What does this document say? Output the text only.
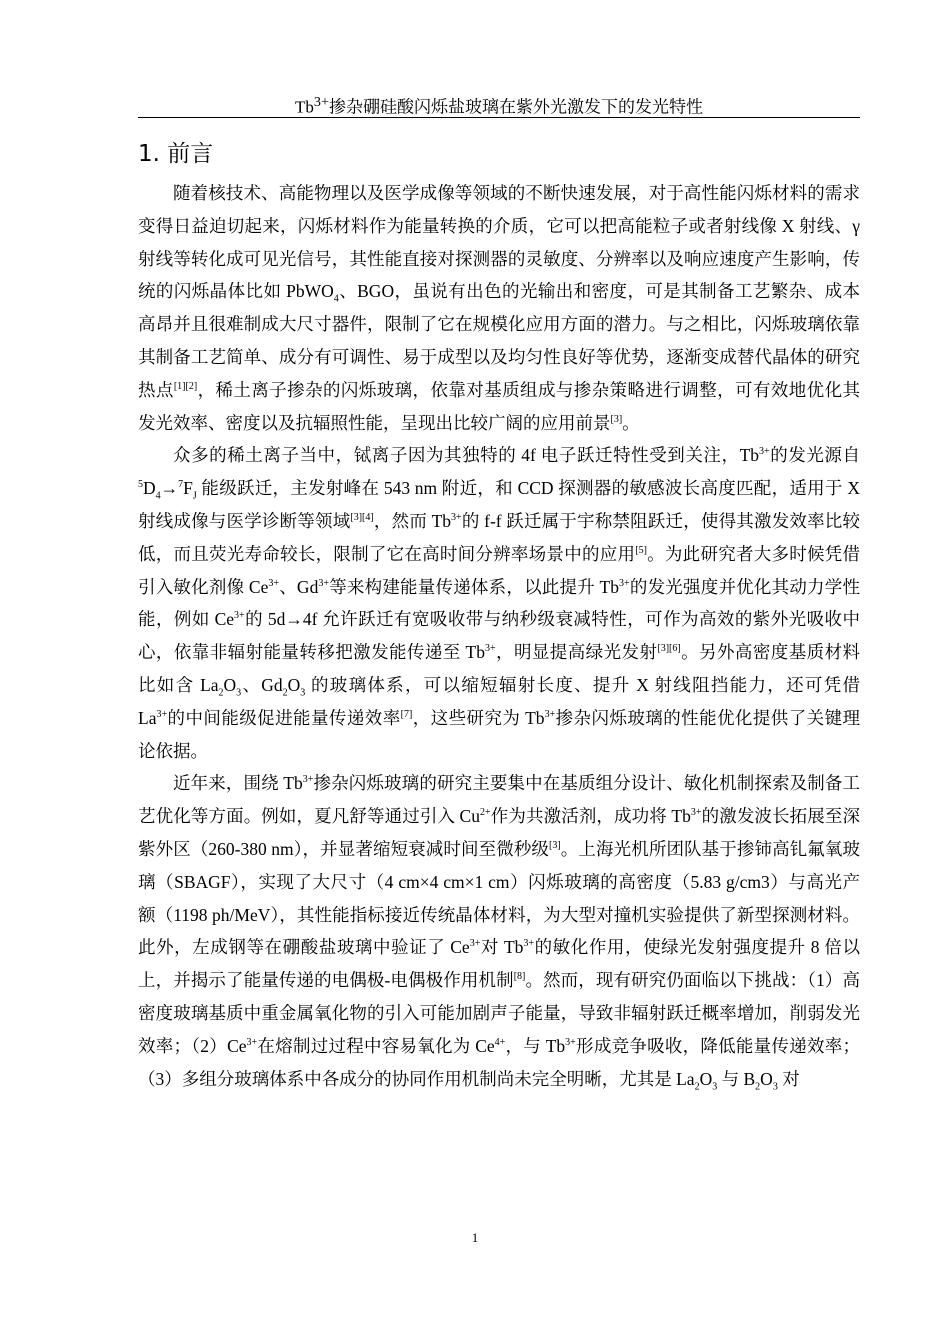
$Tb^{3+}$掺杂硼硅酸闪烁盐玻璃在紫外光激发下的发光特性
1. 前言

随着核技术、高能物理以及医学成像等领域的不断快速发展，对于高性能闪烁材料的需求变得日益迫切起来，闪烁材料作为能量转换的介质，它可以把高能粒子或者射线像 X 射线、γ 射线等转化成可见光信号，其性能直接对探测器的灵敏度、分辨率以及响应速度产生影响，传统的闪烁晶体比如 PbWO$_4$、BGO，虽说有出色的光输出和密度，可是其制备工艺繁杂、成本高昂并且很难制成大尺寸器件，限制了它在规模化应用方面的潜力。与之相比，闪烁玻璃依靠其制备工艺简单、成分有可调性、易于成型以及均匀性良好等优势，逐渐变成替代晶体的研究热点[1][2]，稀土离子掺杂的闪烁玻璃，依靠对基质组成与掺杂策略进行调整，可有效地优化其发光效率、密度以及抗辐照性能，呈现出比较广阔的应用前景[3]。

众多的稀土离子当中，铽离子因为其独特的 4f 电子跃迁特性受到关注，$Tb^{3+}$的发光源自 $^5D_4\to^7F_J$ 能级跃迁，主发射峰在 543 nm 附近，和 CCD 探测器的敏感波长高度匹配，适用于 X 射线成像与医学诊断等领域[3][4]，然而 $Tb^{3+}$的 f-f 跃迁属于宇称禁阻跃迁，使得其激发效率比较低，而且荧光寿命较长，限制了它在高时间分辨率场景中的应用[5]。为此研究者大多时候凭借引入敏化剂像 $Ce^{3+}$、$Gd^{3+}$等来构建能量传递体系，以此提升 $Tb^{3+}$的发光强度并优化其动力学性能，例如 $Ce^{3+}$的 5d→4f 允许跃迁有宽吸收带与纳秒级衰减特性，可作为高效的紫外光吸收中心，依靠非辐射能量转移把激发能传递至 $Tb^{3+}$，明显提高绿光发射[3][6]。另外高密度基质材料比如含 $La_2O_3$、$Gd_2O_3$ 的玻璃体系，可以缩短辐射长度、提升 X 射线阻挡能力，还可凭借 $La^{3+}$的中间能级促进能量传递效率[7]，这些研究为 $Tb^{3+}$掺杂闪烁玻璃的性能优化提供了关键理论依据。

近年来，围绕 $Tb^{3+}$掺杂闪烁玻璃的研究主要集中在基质组分设计、敏化机制探索及制备工艺优化等方面。例如，夏凡舒等通过引入 $Cu^{2+}$作为共激活剂，成功将 $Tb^{3+}$的激发波长拓展至深紫外区（260-380 nm），并显著缩短衰减时间至微秒级[3]。上海光机所团队基于掺铈高钆氟氧玻璃（SBAGF），实现了大尺寸（4 cm×4 cm×1 cm）闪烁玻璃的高密度（5.83 g/cm3）与高光产额（1198 ph/MeV），其性能指标接近传统晶体材料，为大型对撞机实验提供了新型探测材料。此外，左成钢等在硼酸盐玻璃中验证了 $Ce^{3+}$对 $Tb^{3+}$的敏化作用，使绿光发射强度提升 8 倍以上，并揭示了能量传递的电偶极-电偶极作用机制[8]。然而，现有研究仍面临以下挑战：（1）高密度玻璃基质中重金属氧化物的引入可能加剧声子能量，导致非辐射跃迁概率增加，削弱发光效率；$(2)Ce^{3+}$在熔制过过程中容易氧化为 $Ce^{4+}$，与 $Tb^{3+}$形成竞争吸收，降低能量传递效率；（3）多组分玻璃体系中各成分的协同作用机制尚未完全明晰，尤其是 $La_2O_3$ 与 $B_2O_3$ 对

1
